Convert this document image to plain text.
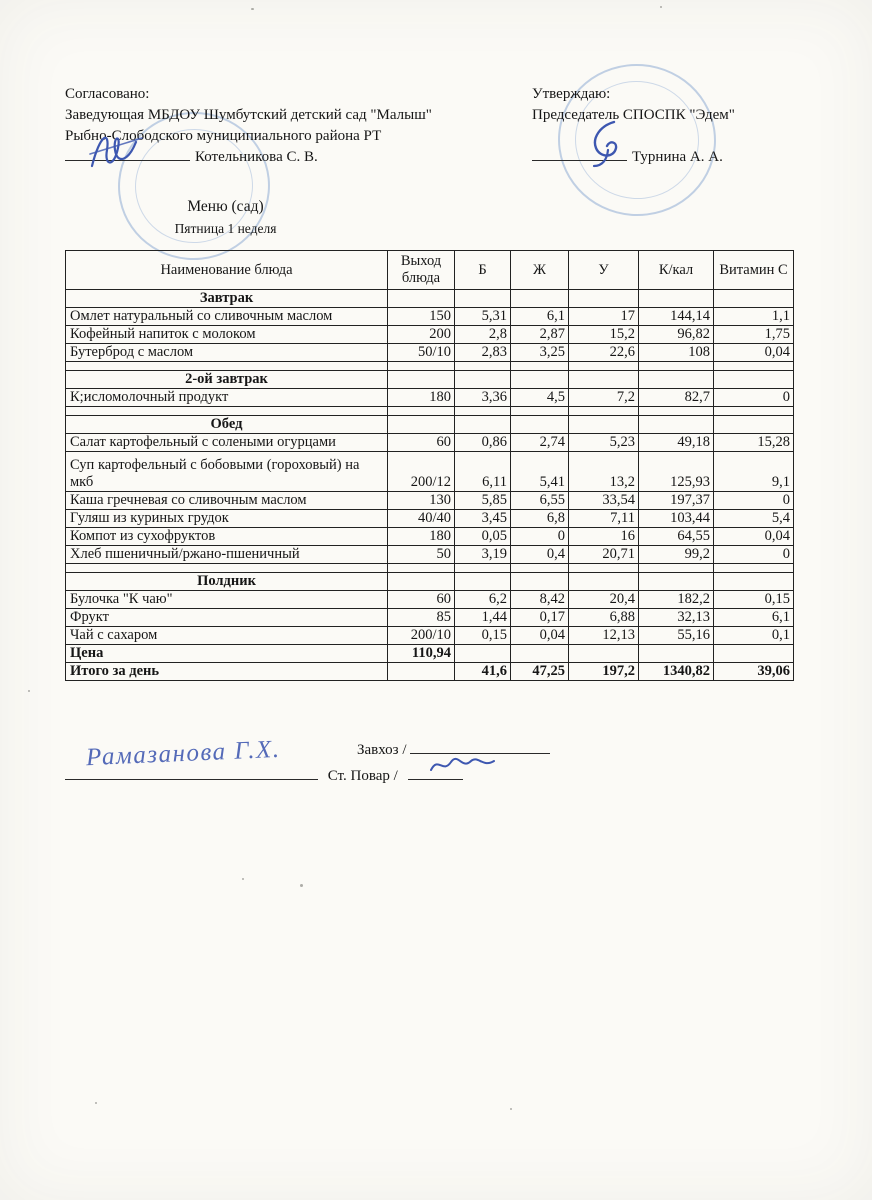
Согласовано:
Заведующая МБДОУ Шумбутский детский сад "Малыш"
Рыбно-Слободского муниципиального района РТ
Котельникова С. В.
Утверждаю:
Председатель СПОСПК "Эдем"
Турнина А. А.
Меню (сад)
Пятница 1 неделя
Наименование блюда	Выход блюда	Б	Ж	У	К/кал	Витамин С
Завтрак						
Омлет натуральный со сливочным маслом	150	5,31	6,1	17	144,14	1,1
Кофейный напиток с молоком	200	2,8	2,87	15,2	96,82	1,75
Бутерброд с маслом	50/10	2,83	3,25	22,6	108	0,04

2-ой завтрак						
К;исломолочный продукт	180	3,36	4,5	7,2	82,7	0

Обед						
Салат картофельный с солеными огурцами	60	0,86	2,74	5,23	49,18	15,28
Суп картофельный с бобовыми (гороховый) на мкб	200/12	6,11	5,41	13,2	125,93	9,1
Каша гречневая со сливочным маслом	130	5,85	6,55	33,54	197,37	0
Гуляш из куриных грудок	40/40	3,45	6,8	7,11	103,44	5,4
Компот из сухофруктов	180	0,05	0	16	64,55	0,04
Хлеб пшеничный/ржано-пшеничный	50	3,19	0,4	20,71	99,2	0

Полдник						
Булочка "К чаю"	60	6,2	8,42	20,4	182,2	0,15
Фрукт	85	1,44	0,17	6,88	32,13	6,1
Чай с сахаром	200/10	0,15	0,04	12,13	55,16	0,1
Цена	110,94					
Итого за день		41,6	47,25	197,2	1340,82	39,06
Завхоз /
Ст. Повар /
Рамазанова Г.Х.
